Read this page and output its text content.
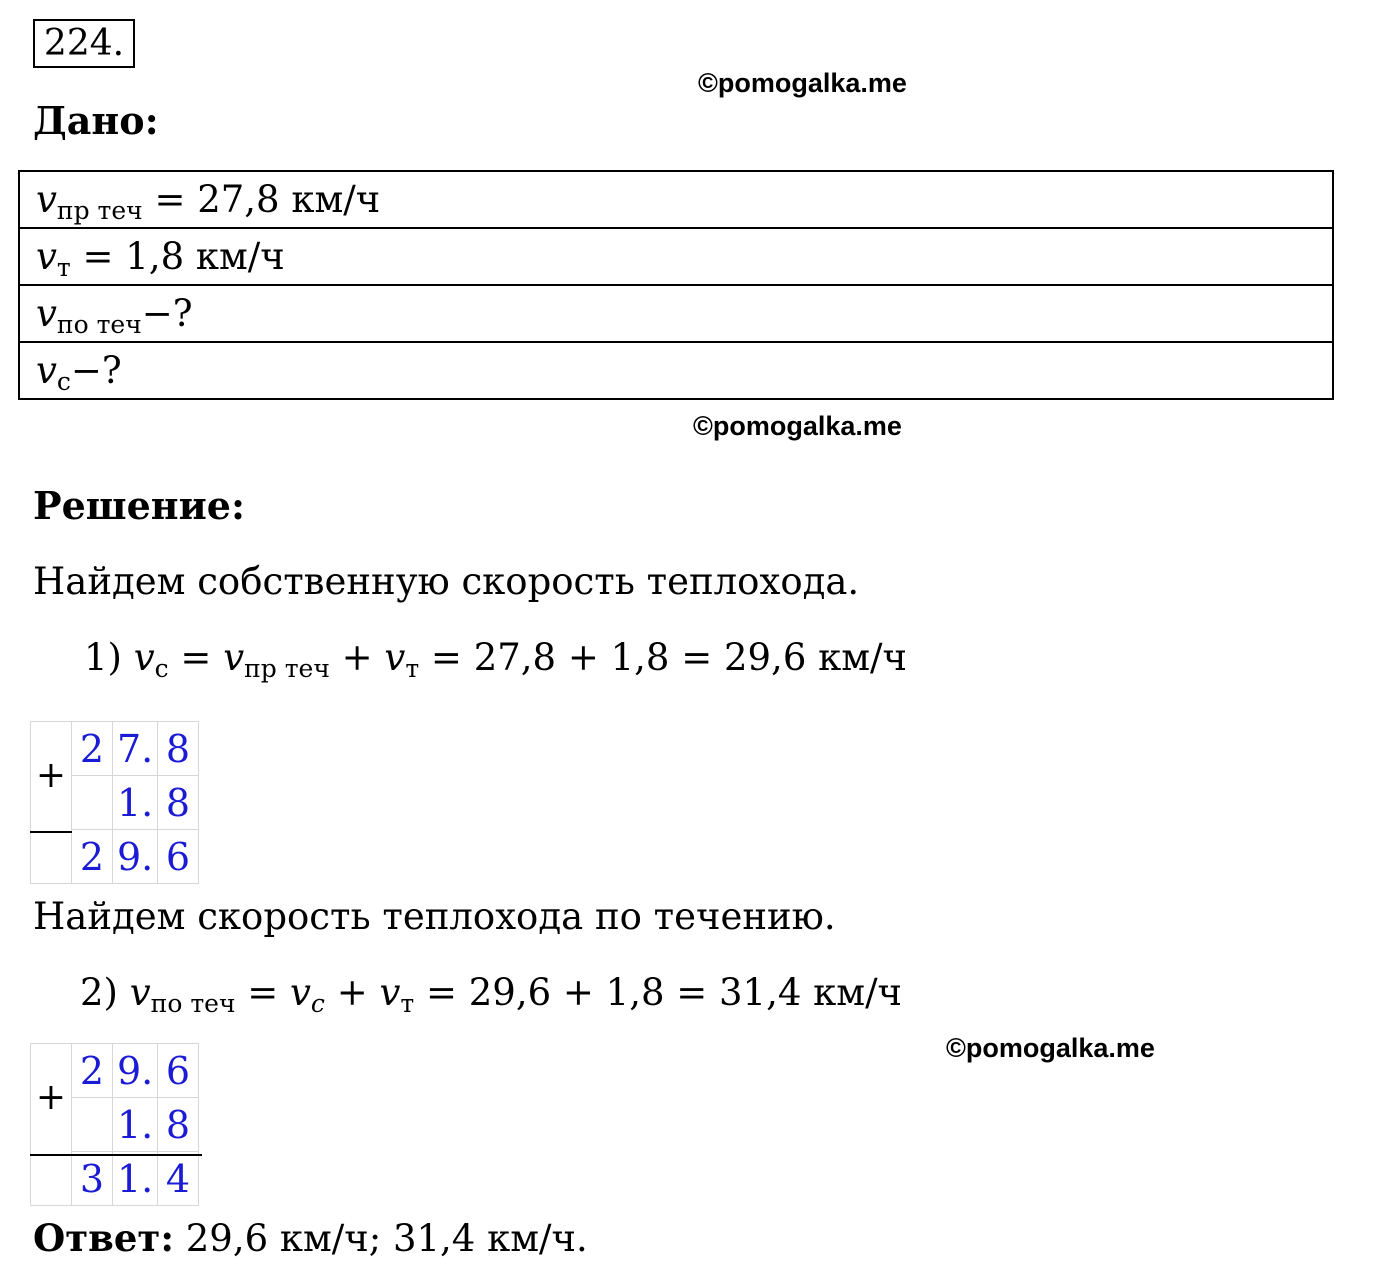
224.
©pomogalka.me
Дано:
$v_{пр теч} = 27,8$ км/ч
$v_т = 1,8$ км/ч
$v_{по теч}-$?
$v_с-$?
©pomogalka.me
Решение:
Найдем собственную скорость теплохода.
1) $v_с = v_{пр теч} + v_т = 27,8 + 1,8 = 29,6$ км/ч
+	2	7.	8
		1.	8
	2	9.	6
Найдем скорость теплохода по течению.
2) $v_{по теч} = v_c + v_т = 29,6 + 1,8 = 31,4$ км/ч
©pomogalka.me
+	2	9.	6
		1.	8
	3	1.	4
Ответ: 29,6 км/ч; 31,4 км/ч.
